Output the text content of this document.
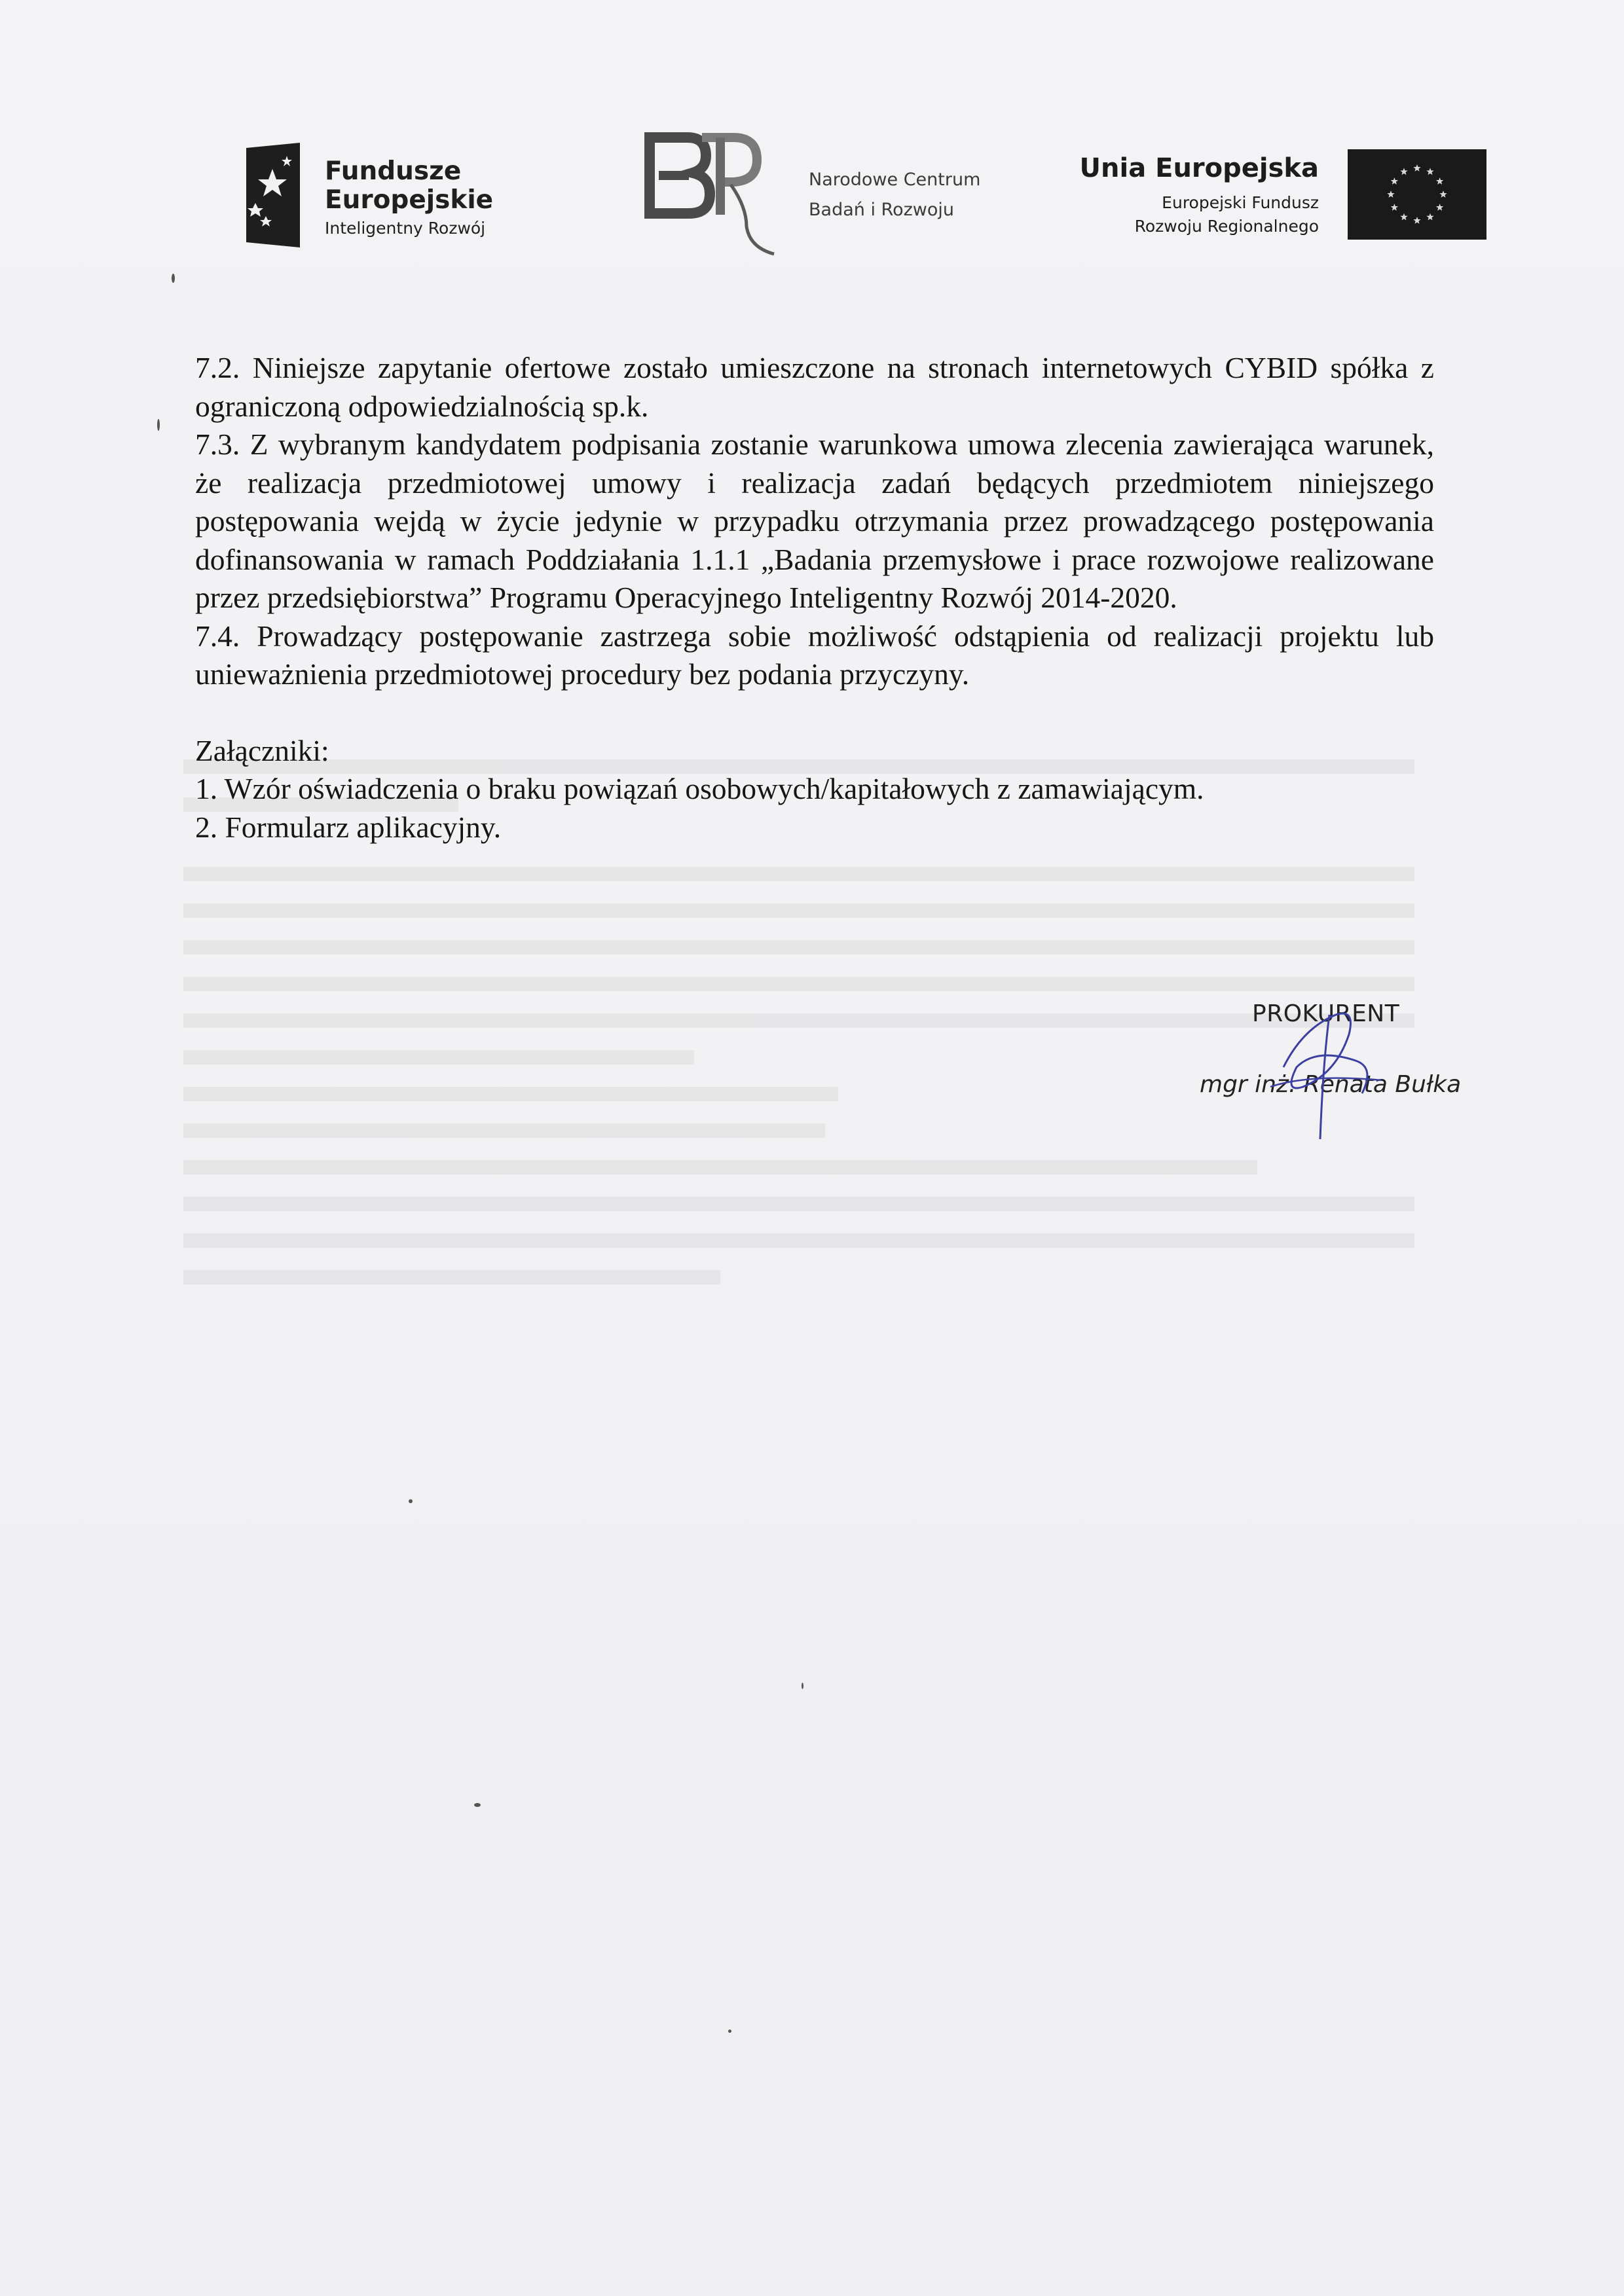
Fundusze
Europejskie
Inteligentny Rozwój
Narodowe Centrum
Badań i Rozwoju
Unia Europejska
Europejski Fundusz
Rozwoju Regionalnego

7.2. Niniejsze zapytanie ofertowe zostało umieszczone na stronach internetowych CYBID spółka z ograniczoną odpowiedzialnością sp.k.

7.3. Z wybranym kandydatem podpisania zostanie warunkowa umowa zlecenia zawierająca warunek, że realizacja przedmiotowej umowy i realizacja zadań będących przedmiotem niniejszego postępowania wejdą w życie jedynie w przypadku otrzymania przez prowadzącego postępowania dofinansowania w ramach Poddziałania 1.1.1 „Badania przemysłowe i prace rozwojowe realizowane przez przedsiębiorstwa” Programu Operacyjnego Inteligentny Rozwój 2014-2020.

7.4. Prowadzący postępowanie zastrzega sobie możliwość odstąpienia od realizacji projektu lub unieważnienia przedmiotowej procedury bez podania przyczyny.

Załączniki:

1. Wzór oświadczenia o braku powiązań osobowych/kapitałowych z zamawiającym.

2. Formularz aplikacyjny.

PROKURENT
mgr inż. Renata Bułka
